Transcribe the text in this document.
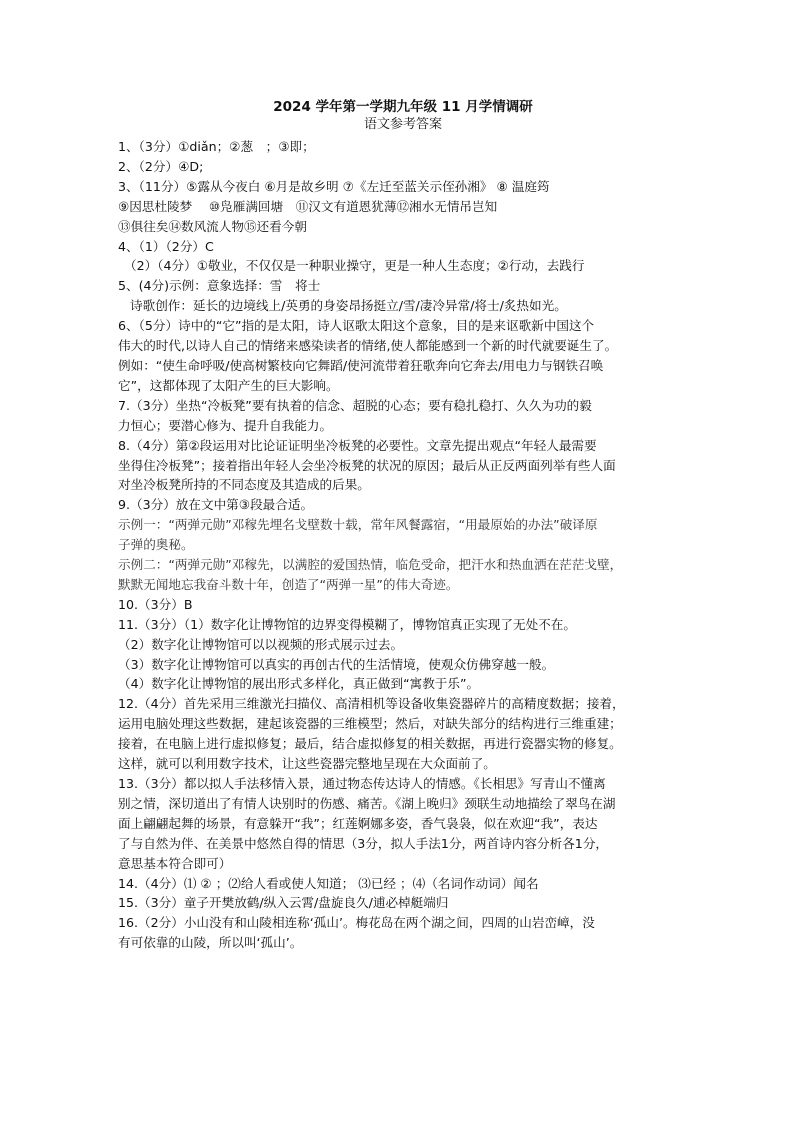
2024 学年第一学期九年级 11 月学情调研

语文参考答案

1、（3分）①diǎn；②葱　；③即；

2、（2分）④D;

3、（11分）⑤露从今夜白 ⑥月是故乡明 ⑦《左迁至蓝关示侄孙湘》 ⑧ 温庭筠

⑨因思杜陵梦　 ⑩凫雁满回塘　⑪汉文有道恩犹薄⑫湘水无情吊岂知

⑬俱往矣⑭数风流人物⑮还看今朝

4、（1）（2分）C

（2）（4分）①敬业，不仅仅是一种职业操守，更是一种人生态度；②行动，去践行

5、(4分)示例：意象选择：雪　将士

诗歌创作：延长的边境线上/英勇的身姿昂扬挺立/雪/凄冷异常/将士/炙热如光。

6、（5分）诗中的“它”指的是太阳，诗人讴歌太阳这个意象，目的是来讴歌新中国这个

伟大的时代,以诗人自己的情绪来感染读者的情绪,使人都能感到一个新的时代就要诞生了。

例如：“使生命呼吸/使高树繁枝向它舞蹈/使河流带着狂歌奔向它奔去/用电力与钢铁召唤

它”，这都体现了太阳产生的巨大影响。

7.（3分）坐热“冷板凳”要有执着的信念、超脱的心态；要有稳扎稳打、久久为功的毅

力恒心；要潜心修为、提升自我能力。

8.（4分）第②段运用对比论证证明坐冷板凳的必要性。文章先提出观点“年轻人最需要

坐得住冷板凳”；接着指出年轻人会坐冷板凳的状况的原因；最后从正反两面列举有些人面

对坐冷板凳所持的不同态度及其造成的后果。

9.（3分）放在文中第③段最合适。

示例一：“两弹元勋”邓稼先埋名戈壁数十载，常年风餐露宿，“用最原始的办法”破译原

子弹的奥秘。

示例二：“两弹元勋”邓稼先，以满腔的爱国热情，临危受命，把汗水和热血洒在茫茫戈壁，

默默无闻地忘我奋斗数十年，创造了“两弹一星”的伟大奇迹。

10.（3分）B

11.（3分）（1）数字化让博物馆的边界变得模糊了，博物馆真正实现了无处不在。

（2）数字化让博物馆可以以视频的形式展示过去。

（3）数字化让博物馆可以真实的再创古代的生活情境，使观众仿佛穿越一般。

（4）数字化让博物馆的展出形式多样化，真正做到“寓教于乐”。

12.（4分）首先采用三维激光扫描仪、高清相机等设备收集瓷器碎片的高精度数据；接着，

运用电脑处理这些数据，建起该瓷器的三维模型；然后，对缺失部分的结构进行三维重建；

接着，在电脑上进行虚拟修复；最后，结合虚拟修复的相关数据，再进行瓷器实物的修复。

这样，就可以利用数字技术，让这些瓷器完整地呈现在大众面前了。

13.（3分）都以拟人手法移情入景，通过物态传达诗人的情感。《长相思》写青山不懂离

别之情，深切道出了有情人诀别时的伤感、痛苦。《湖上晚归》颈联生动地描绘了翠鸟在湖

面上翩翩起舞的场景，有意躲开“我”；红莲婀娜多姿，香气袅袅，似在欢迎“我”，表达

了与自然为伴、在美景中悠然自得的情思（3分，拟人手法1分，两首诗内容分析各1分，

意思基本符合即可）

14.（4分）⑴ ② ；⑵给人看或使人知道； ⑶已经 ；⑷（名词作动词）闻名

15.（3分）童子开樊放鹤/纵入云霄/盘旋良久/逋必棹艇端归

16.（2分）小山没有和山陵相连称‘孤山’。梅花岛在两个湖之间，四周的山岩峦嶂，没

有可依靠的山陵，所以叫‘孤山’。
